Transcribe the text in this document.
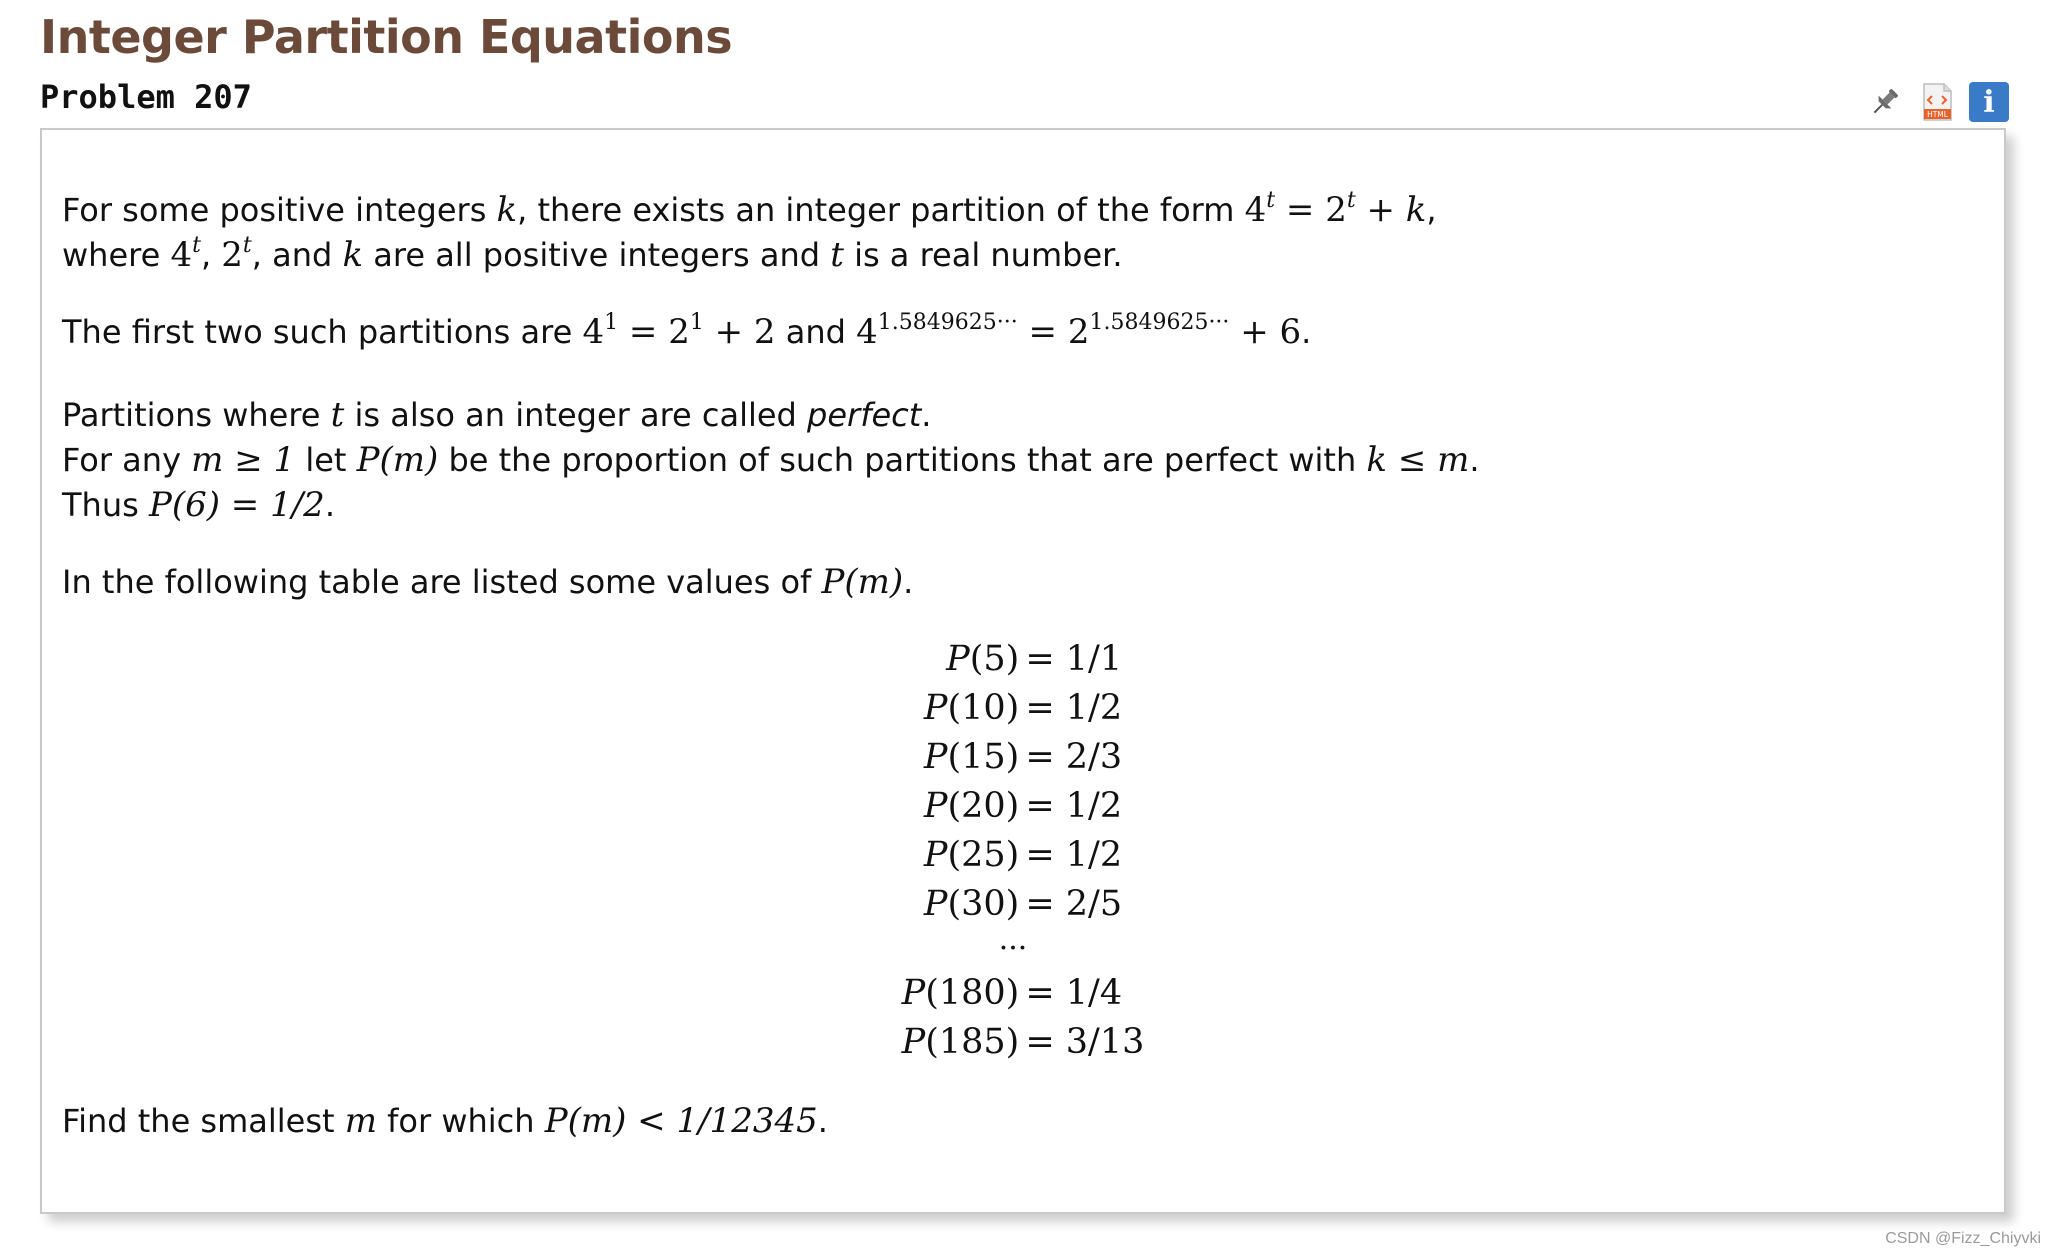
Integer Partition Equations
Problem 207	HTML	i

For some positive integers k, there exists an integer partition of the form $4^t = 2^t + k$,

where 4$^t$, 2$^t$, and k are all positive integers and t is a real number.

The first two such partitions are $4^1 = 2^1 + 2$ and $4^{1.5849625\cdot\cdot\cdot} = 2^{1.5849625\cdot\cdot\cdot} + 6$.

Partitions where t is also an integer are called perfect.

For any m ≥ 1 let P(m) be the proportion of such partitions that are perfect with k ≤ m.

Thus P(6) = 1/2.

In the following table are listed some values of P(m).

P(5) = 1/1
P(10) = 1/2
P(15) = 2/3
P(20) = 1/2
P(25) = 1/2
P(30) = 2/5
···
P(180) = 1/4
P(185) = 3/13

Find the smallest m for which P(m) < 1/12345.

CSDN @Fizz_Chiyvki
